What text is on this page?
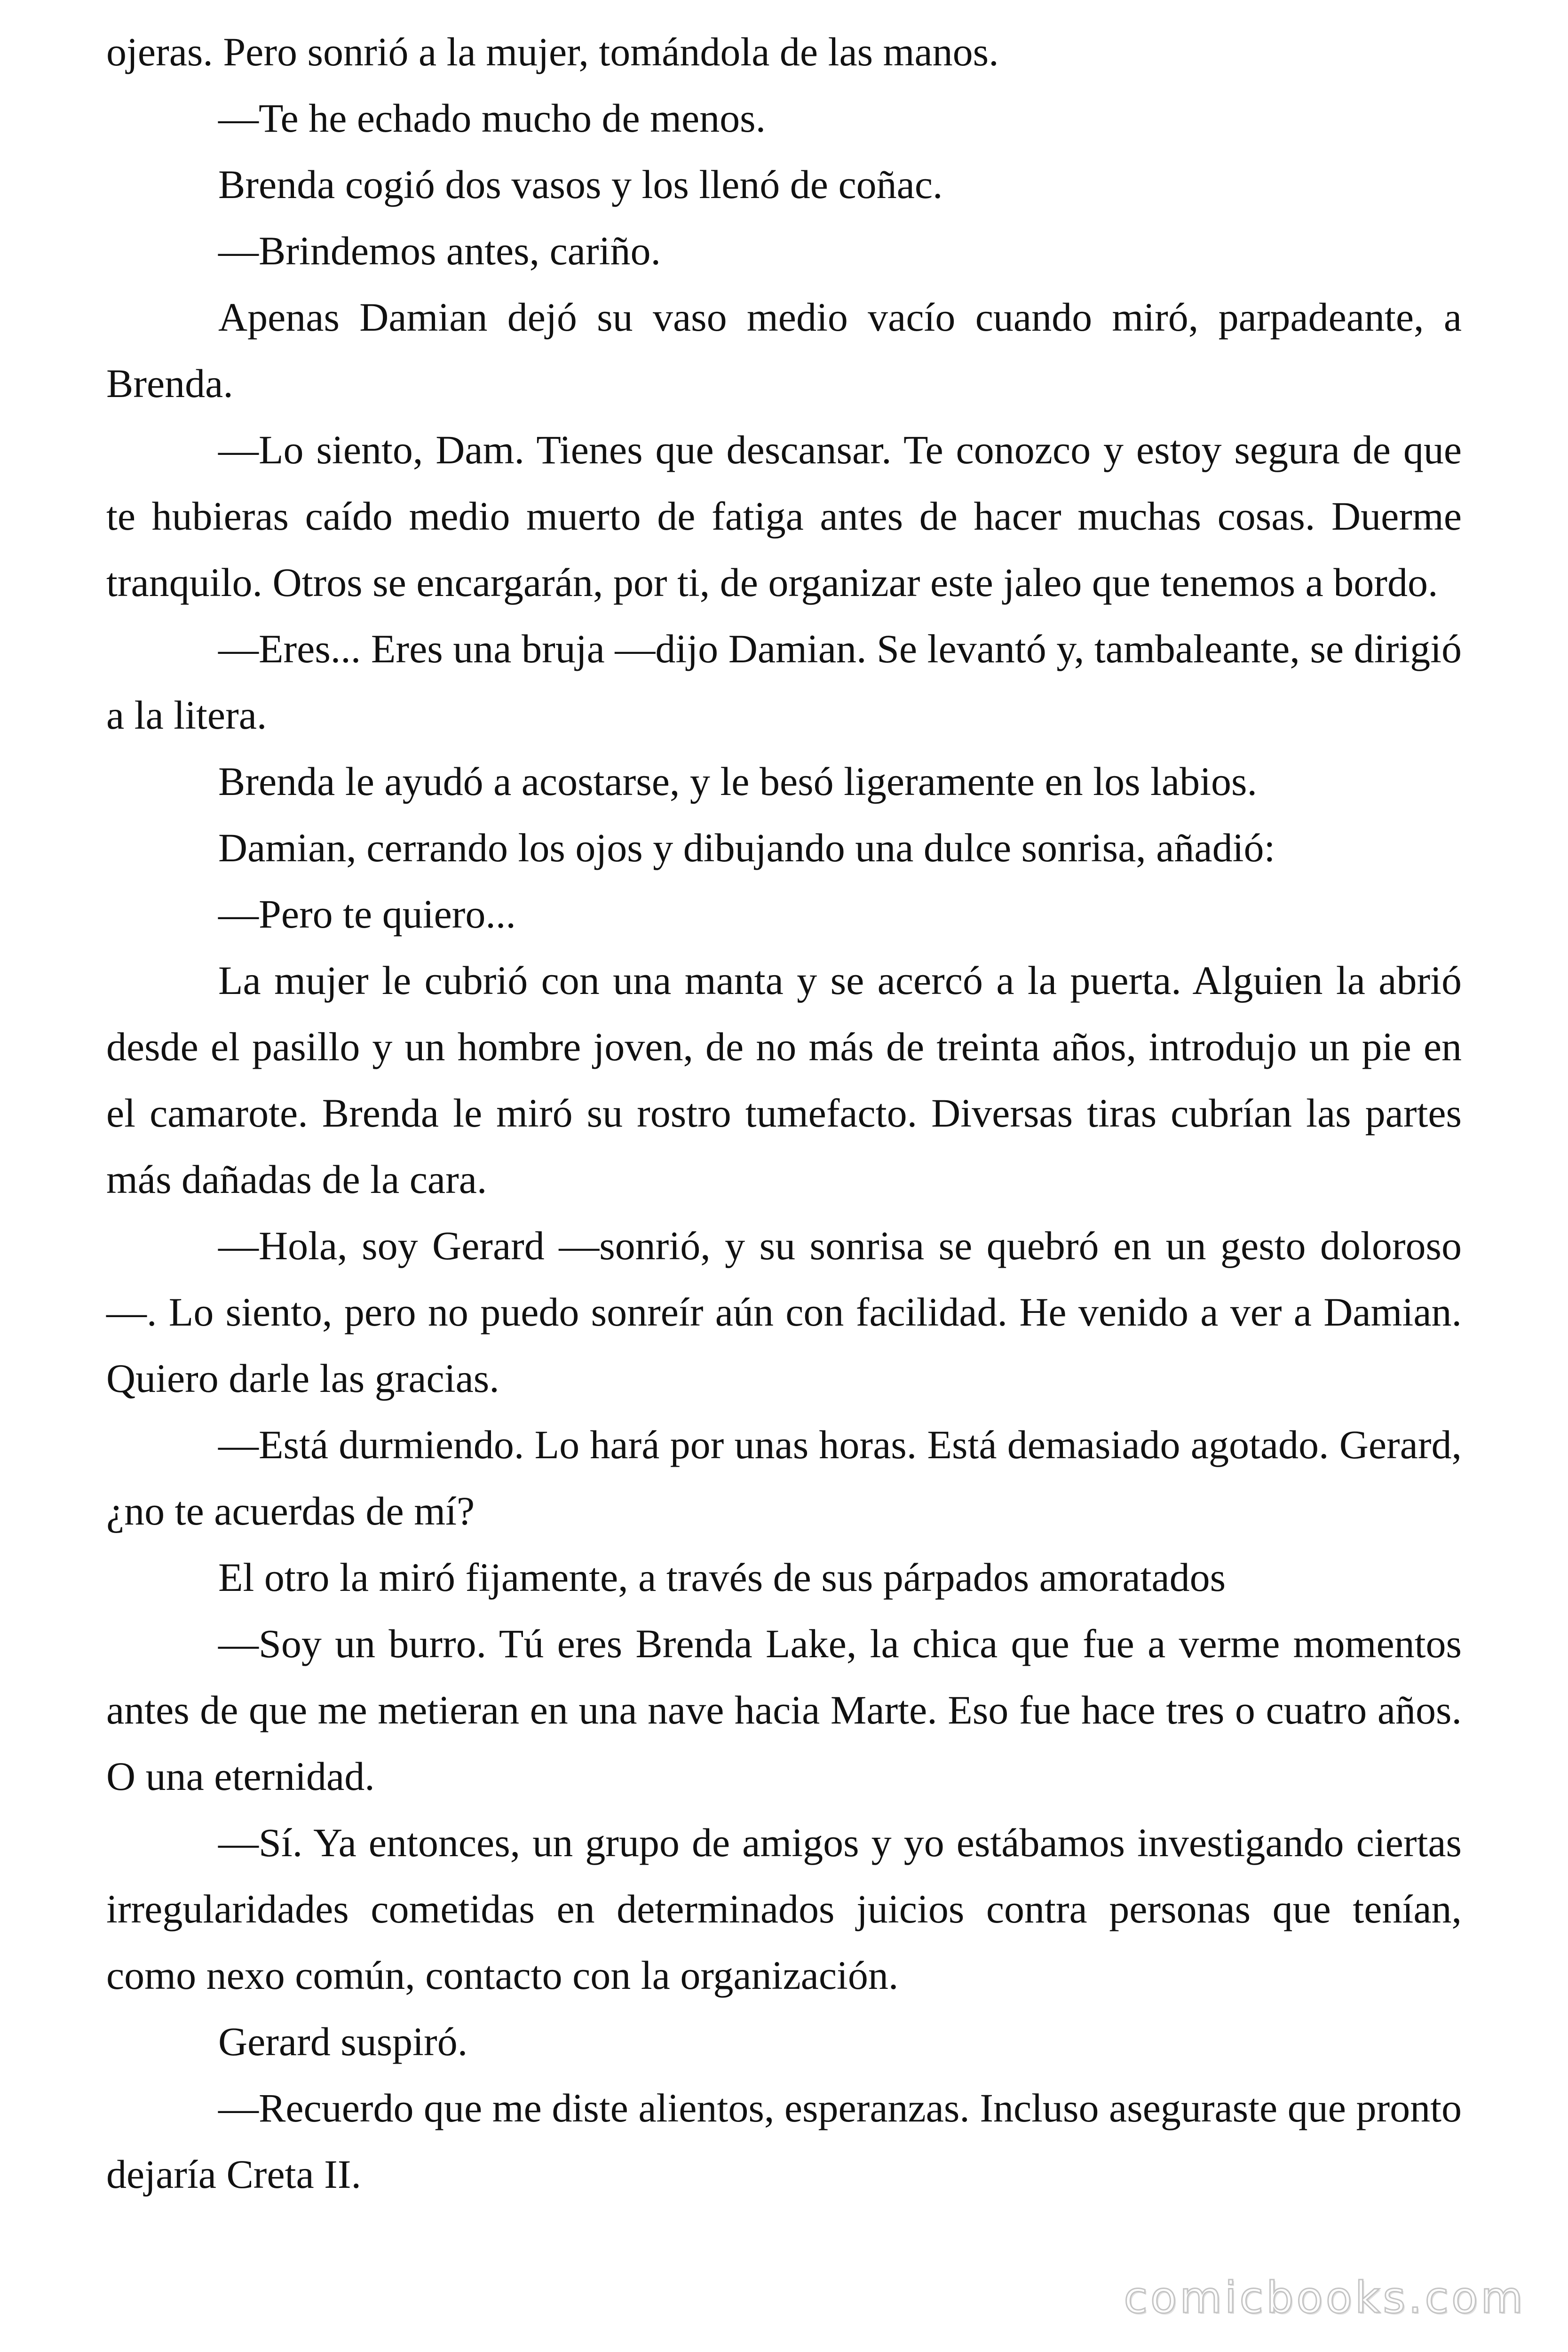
ojeras. Pero sonrió a la mujer, tomándola de las manos.

—Te he echado mucho de menos.

Brenda cogió dos vasos y los llenó de coñac.

—Brindemos antes, cariño.

Apenas Damian dejó su vaso medio vacío cuando miró, parpadeante, a Brenda.

—Lo siento, Dam. Tienes que descansar. Te conozco y estoy segura de que te hubieras caído medio muerto de fatiga antes de hacer muchas cosas. Duerme tranquilo. Otros se encargarán, por ti, de organizar este jaleo que tenemos a bordo.

—Eres... Eres una bruja —dijo Damian. Se levantó y, tambaleante, se dirigió a la litera.

Brenda le ayudó a acostarse, y le besó ligeramente en los labios.

Damian, cerrando los ojos y dibujando una dulce sonrisa, añadió:

—Pero te quiero...

La mujer le cubrió con una manta y se acercó a la puerta. Alguien la abrió desde el pasillo y un hombre joven, de no más de treinta años, introdujo un pie en el camarote. Brenda le miró su rostro tumefacto. Diversas tiras cubrían las partes más dañadas de la cara.

—Hola, soy Gerard —sonrió, y su sonrisa se quebró en un gesto doloroso—. Lo siento, pero no puedo sonreír aún con facilidad. He venido a ver a Damian. Quiero darle las gracias.

—Está durmiendo. Lo hará por unas horas. Está demasiado agotado. Gerard, ¿no te acuerdas de mí?

El otro la miró fijamente, a través de sus párpados amoratados

—Soy un burro. Tú eres Brenda Lake, la chica que fue a verme momentos antes de que me metieran en una nave hacia Marte. Eso fue hace tres o cuatro años. O una eternidad.

—Sí. Ya entonces, un grupo de amigos y yo estábamos investigando ciertas irregularidades cometidas en determinados juicios contra personas que tenían, como nexo común, contacto con la organización.

Gerard suspiró.

—Recuerdo que me diste alientos, esperanzas. Incluso aseguraste que pronto dejaría Creta II.

comicbooks.com
